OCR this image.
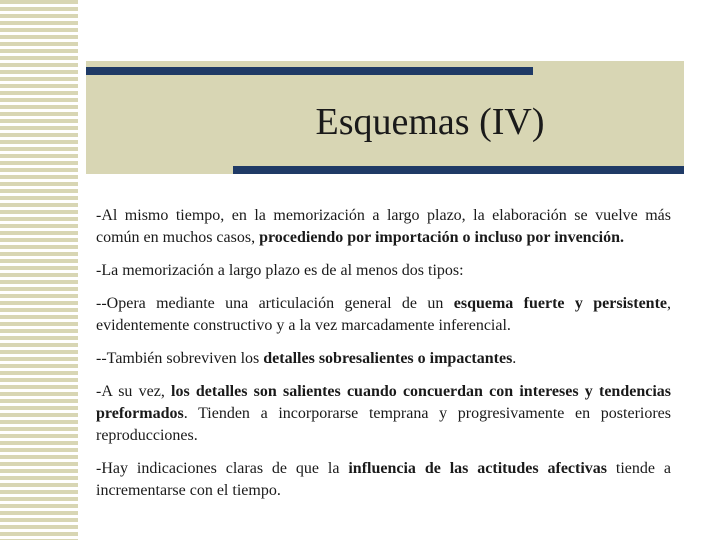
Esquemas (IV)

-Al mismo tiempo, en la memorización a largo plazo, la elaboración se vuelve más común en muchos casos, procediendo por importación o incluso por invención.

-La memorización a largo plazo es de al menos dos tipos:

--Opera mediante una articulación general de un esquema fuerte y persistente, evidentemente constructivo y a la vez marcadamente inferencial.

--También sobreviven los detalles sobresalientes o impactantes.

-A su vez, los detalles son salientes cuando concuerdan con intereses y tendencias preformados. Tienden a incorporarse temprana y progresivamente en posteriores reproducciones.

-Hay indicaciones claras de que la influencia de las actitudes afectivas tiende a incrementarse con el tiempo.
